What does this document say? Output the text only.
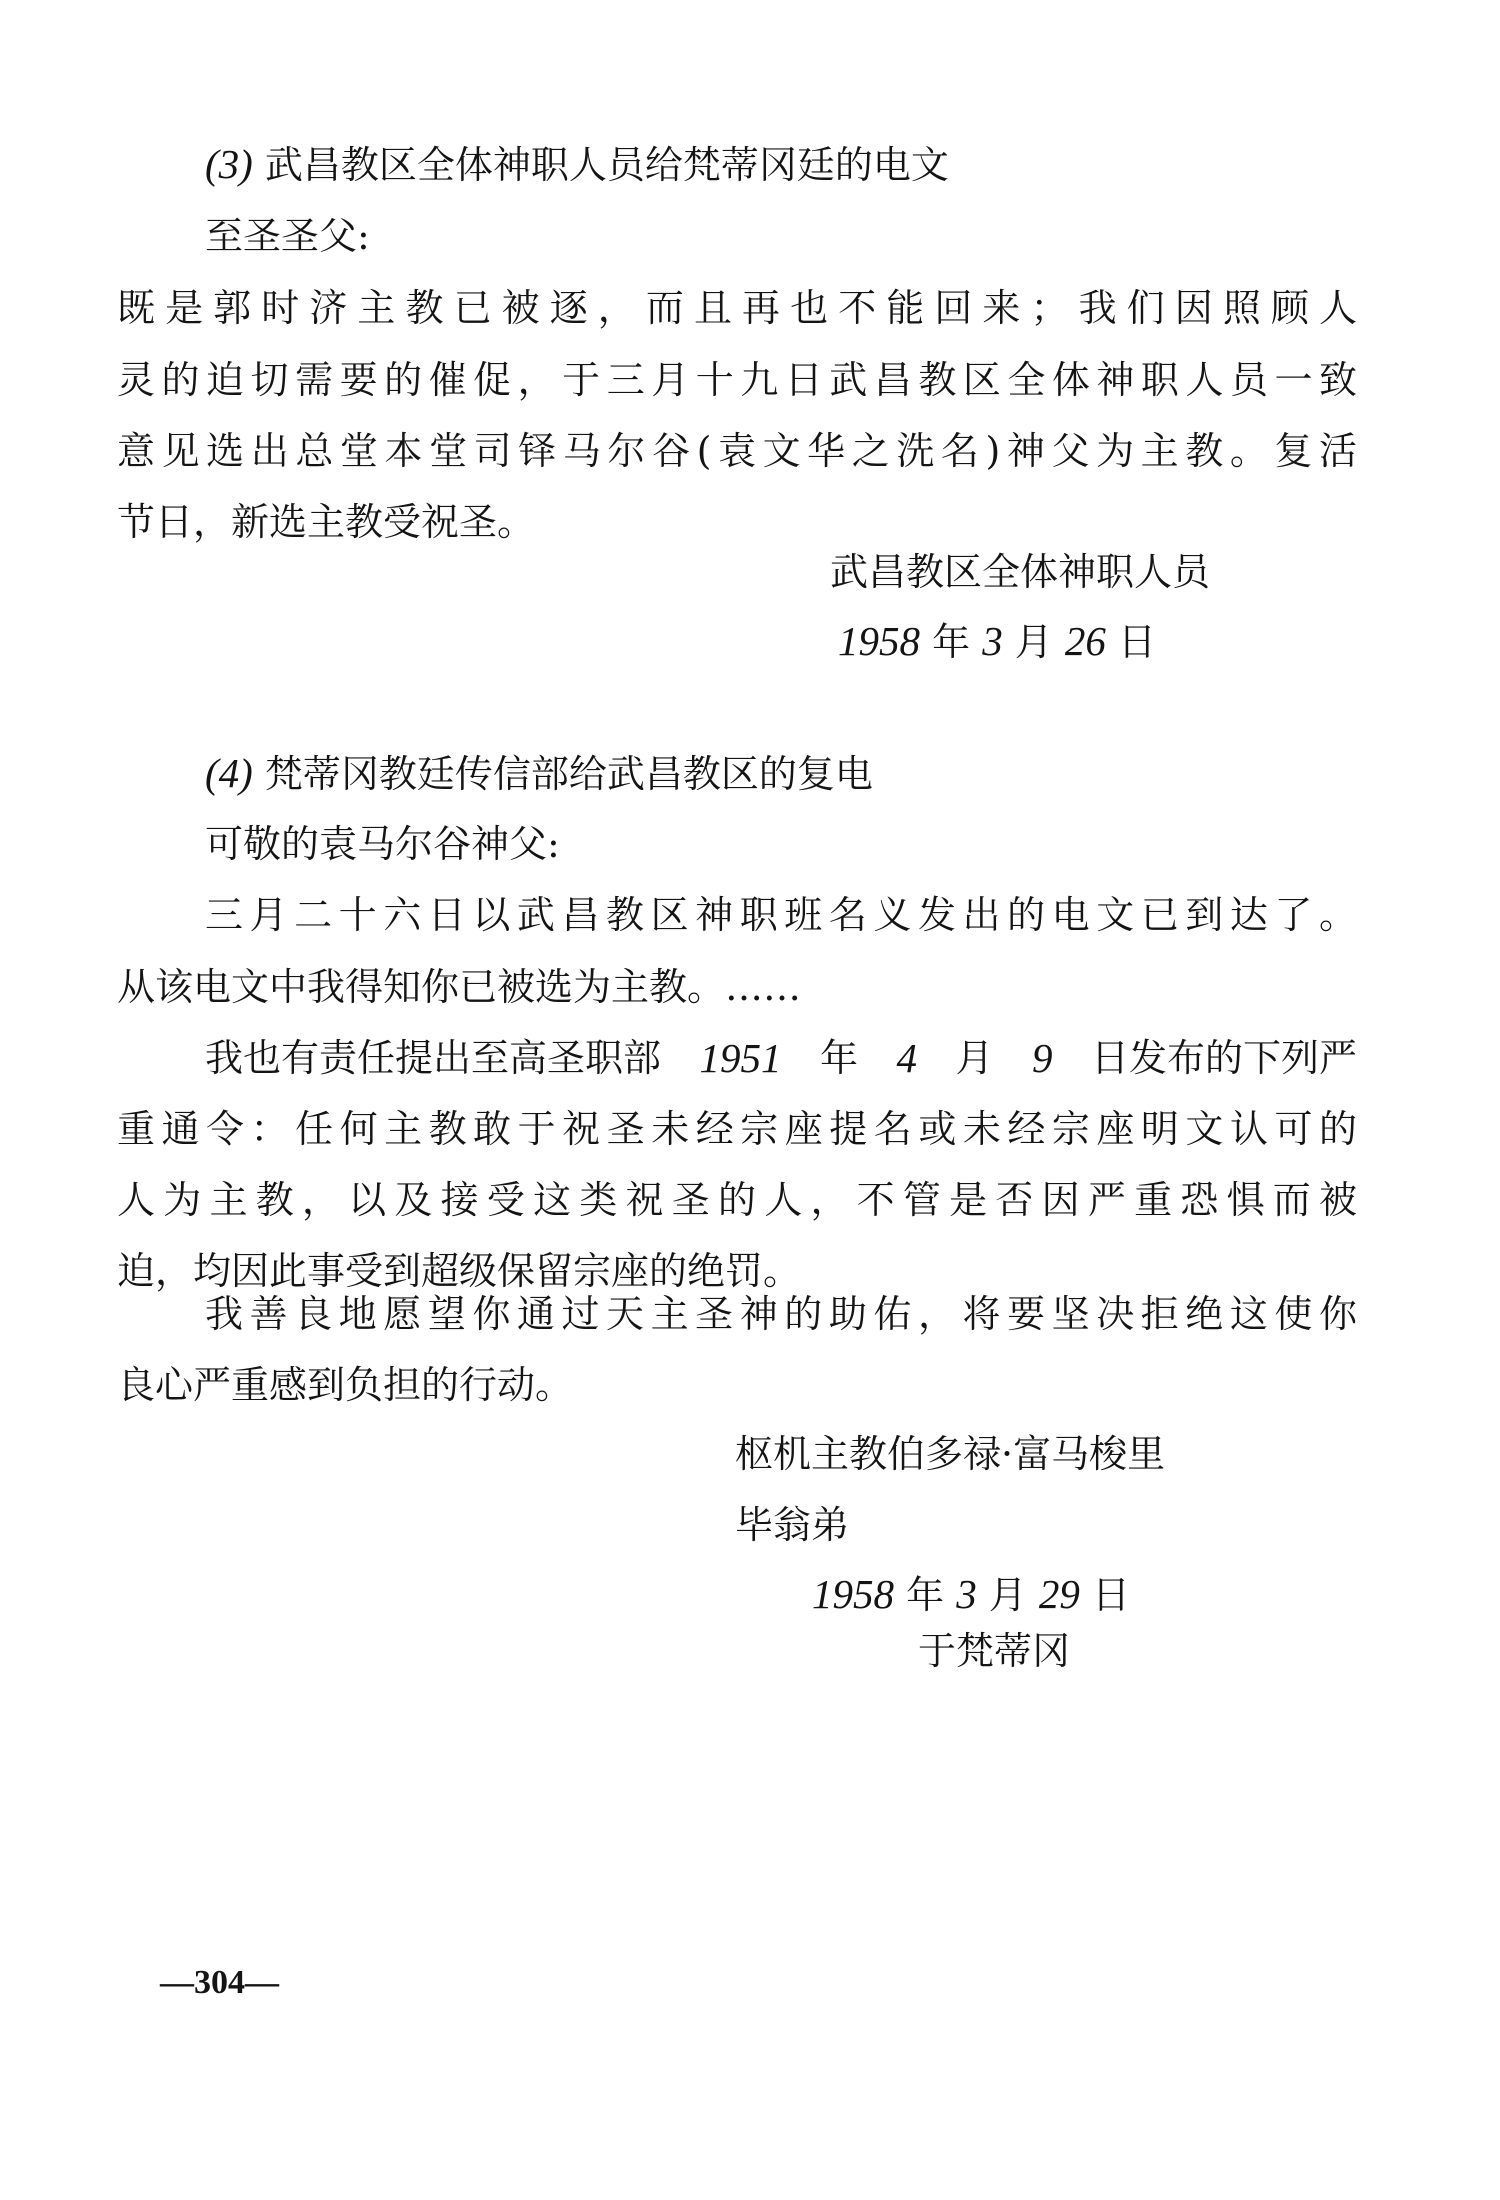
(3) 武昌教区全体神职人员给梵蒂冈廷的电文
至圣圣父:
既是郭时济主教已被逐，而且再也不能回来；我们因照顾人
灵的迫切需要的催促，于三月十九日武昌教区全体神职人员一致
意见选出总堂本堂司铎马尔谷(袁文华之洗名)神父为主教。复活
节日，新选主教受祝圣。
武昌教区全体神职人员
1958 年 3 月 26 日
(4) 梵蒂冈教廷传信部给武昌教区的复电
可敬的袁马尔谷神父:
三月二十六日以武昌教区神职班名义发出的电文已到达了。
从该电文中我得知你已被选为主教。……
我也有责任提出至高圣职部 1951 年 4 月 9 日发布的下列严
重通令：任何主教敢于祝圣未经宗座提名或未经宗座明文认可的
人为主教，以及接受这类祝圣的人，不管是否因严重恐惧而被
迫，均因此事受到超级保留宗座的绝罚。
我善良地愿望你通过天主圣神的助佑，将要坚决拒绝这使你
良心严重感到负担的行动。
枢机主教伯多禄·富马梭里
毕翁弟
1958 年 3 月 29 日
于梵蒂冈
—304—
